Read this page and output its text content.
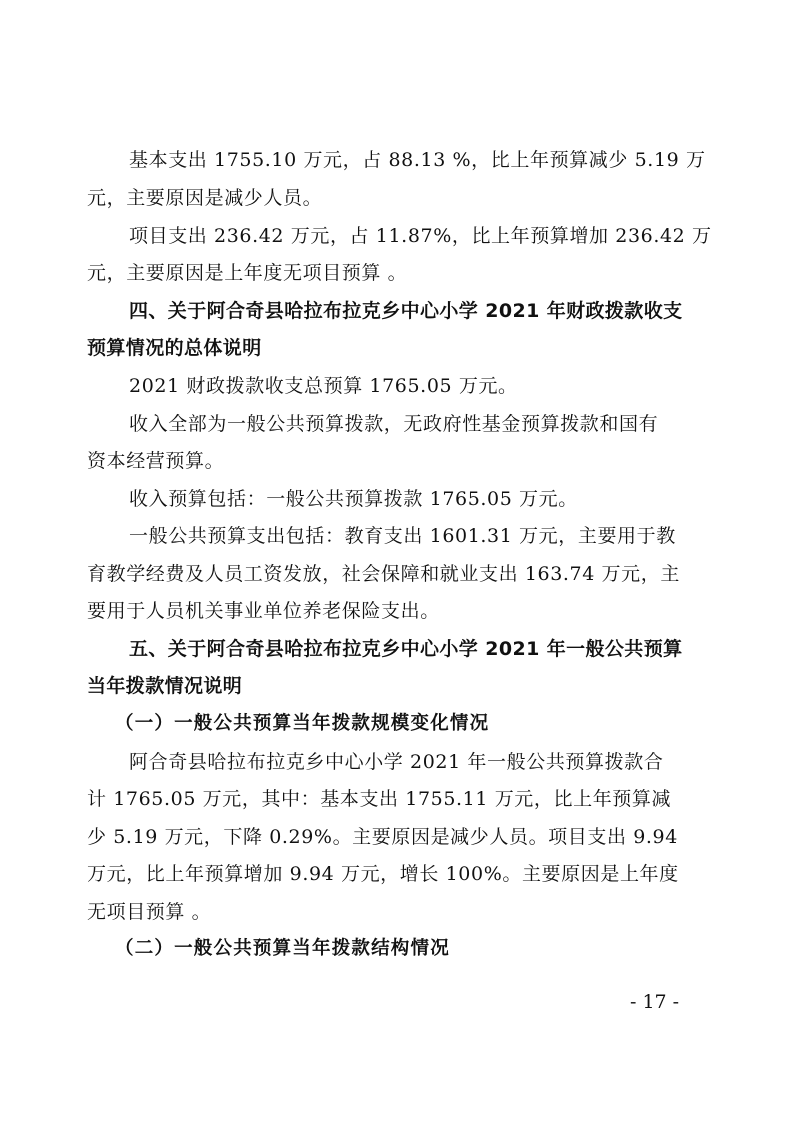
基本支出 1755.10 万元，占 88.13 %，比上年预算减少 5.19 万
元，主要原因是减少人员。
项目支出 236.42 万元，占 11.87%，比上年预算增加 236.42 万
元，主要原因是上年度无项目预算 。
四、关于阿合奇县哈拉布拉克乡中心小学 2021 年财政拨款收支
预算情况的总体说明
2021 财政拨款收支总预算 1765.05 万元。
收入全部为一般公共预算拨款，无政府性基金预算拨款和国有
资本经营预算。
收入预算包括：一般公共预算拨款 1765.05 万元。
一般公共预算支出包括：教育支出 1601.31 万元，主要用于教
育教学经费及人员工资发放，社会保障和就业支出 163.74 万元，主
要用于人员机关事业单位养老保险支出。
五、关于阿合奇县哈拉布拉克乡中心小学 2021 年一般公共预算
当年拨款情况说明
（一）一般公共预算当年拨款规模变化情况
阿合奇县哈拉布拉克乡中心小学 2021 年一般公共预算拨款合
计 1765.05 万元，其中：基本支出 1755.11 万元，比上年预算减
少 5.19 万元，下降 0.29%。主要原因是减少人员。项目支出 9.94
万元，比上年预算增加 9.94 万元，增长 100%。主要原因是上年度
无项目预算 。
（二）一般公共预算当年拨款结构情况
- 17 -
